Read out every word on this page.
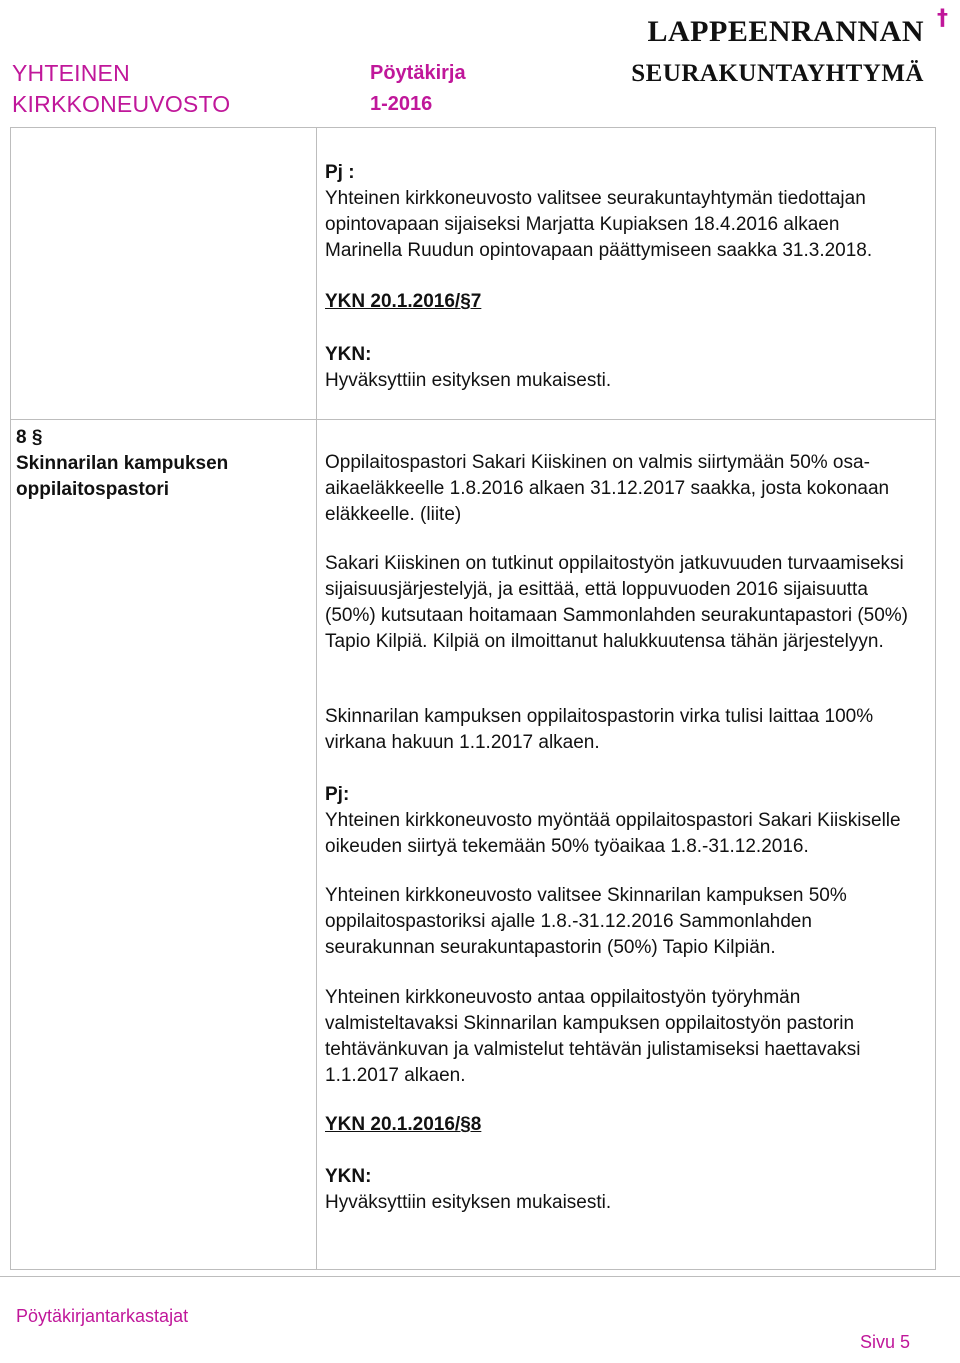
YHTEINEN
KIRKKONEUVOSTO
Pöytäkirja
1-2016
†
LAPPEENRANNAN
SEURAKUNTAYHTYMÄ
Pj :
Yhteinen kirkkoneuvosto valitsee seurakuntayhtymän tiedottajan opintovapaan sijaiseksi Marjatta Kupiaksen 18.4.2016 alkaen Marinella Ruudun opintovapaan päättymiseen saakka 31.3.2018.
YKN 20.1.2016/§7
YKN:
Hyväksyttiin esityksen mukaisesti.
8 §
Skinnarilan kampuksen oppilaitospastori
Oppilaitospastori Sakari Kiiskinen on valmis siirtymään 50% osa-aikaeläkkeelle 1.8.2016 alkaen 31.12.2017 saakka, josta kokonaan eläkkeelle. (liite)
Sakari Kiiskinen on tutkinut oppilaitostyön jatkuvuuden turvaamiseksi sijaisuusjärjestelyjä, ja esittää, että loppuvuoden 2016 sijaisuutta (50%) kutsutaan hoitamaan Sammonlahden seurakuntapastori (50%) Tapio Kilpiä. Kilpiä on ilmoittanut halukkuutensa tähän järjestelyyn.
Skinnarilan kampuksen oppilaitospastorin virka tulisi laittaa 100% virkana hakuun 1.1.2017 alkaen.
Pj:
Yhteinen kirkkoneuvosto myöntää oppilaitospastori Sakari Kiiskiselle oikeuden siirtyä tekemään 50% työaikaa 1.8.-31.12.2016.
Yhteinen kirkkoneuvosto valitsee Skinnarilan kampuksen 50% oppilaitospastoriksi ajalle 1.8.-31.12.2016 Sammonlahden seurakunnan seurakuntapastorin (50%) Tapio Kilpiän.
Yhteinen kirkkoneuvosto antaa oppilaitostyön työryhmän valmisteltavaksi Skinnarilan kampuksen oppilaitostyön pastorin tehtävänkuvan ja valmistelut tehtävän julistamiseksi haettavaksi 1.1.2017 alkaen.
YKN 20.1.2016/§8
YKN:
Hyväksyttiin esityksen mukaisesti.
Pöytäkirjantarkastajat
Sivu 5
